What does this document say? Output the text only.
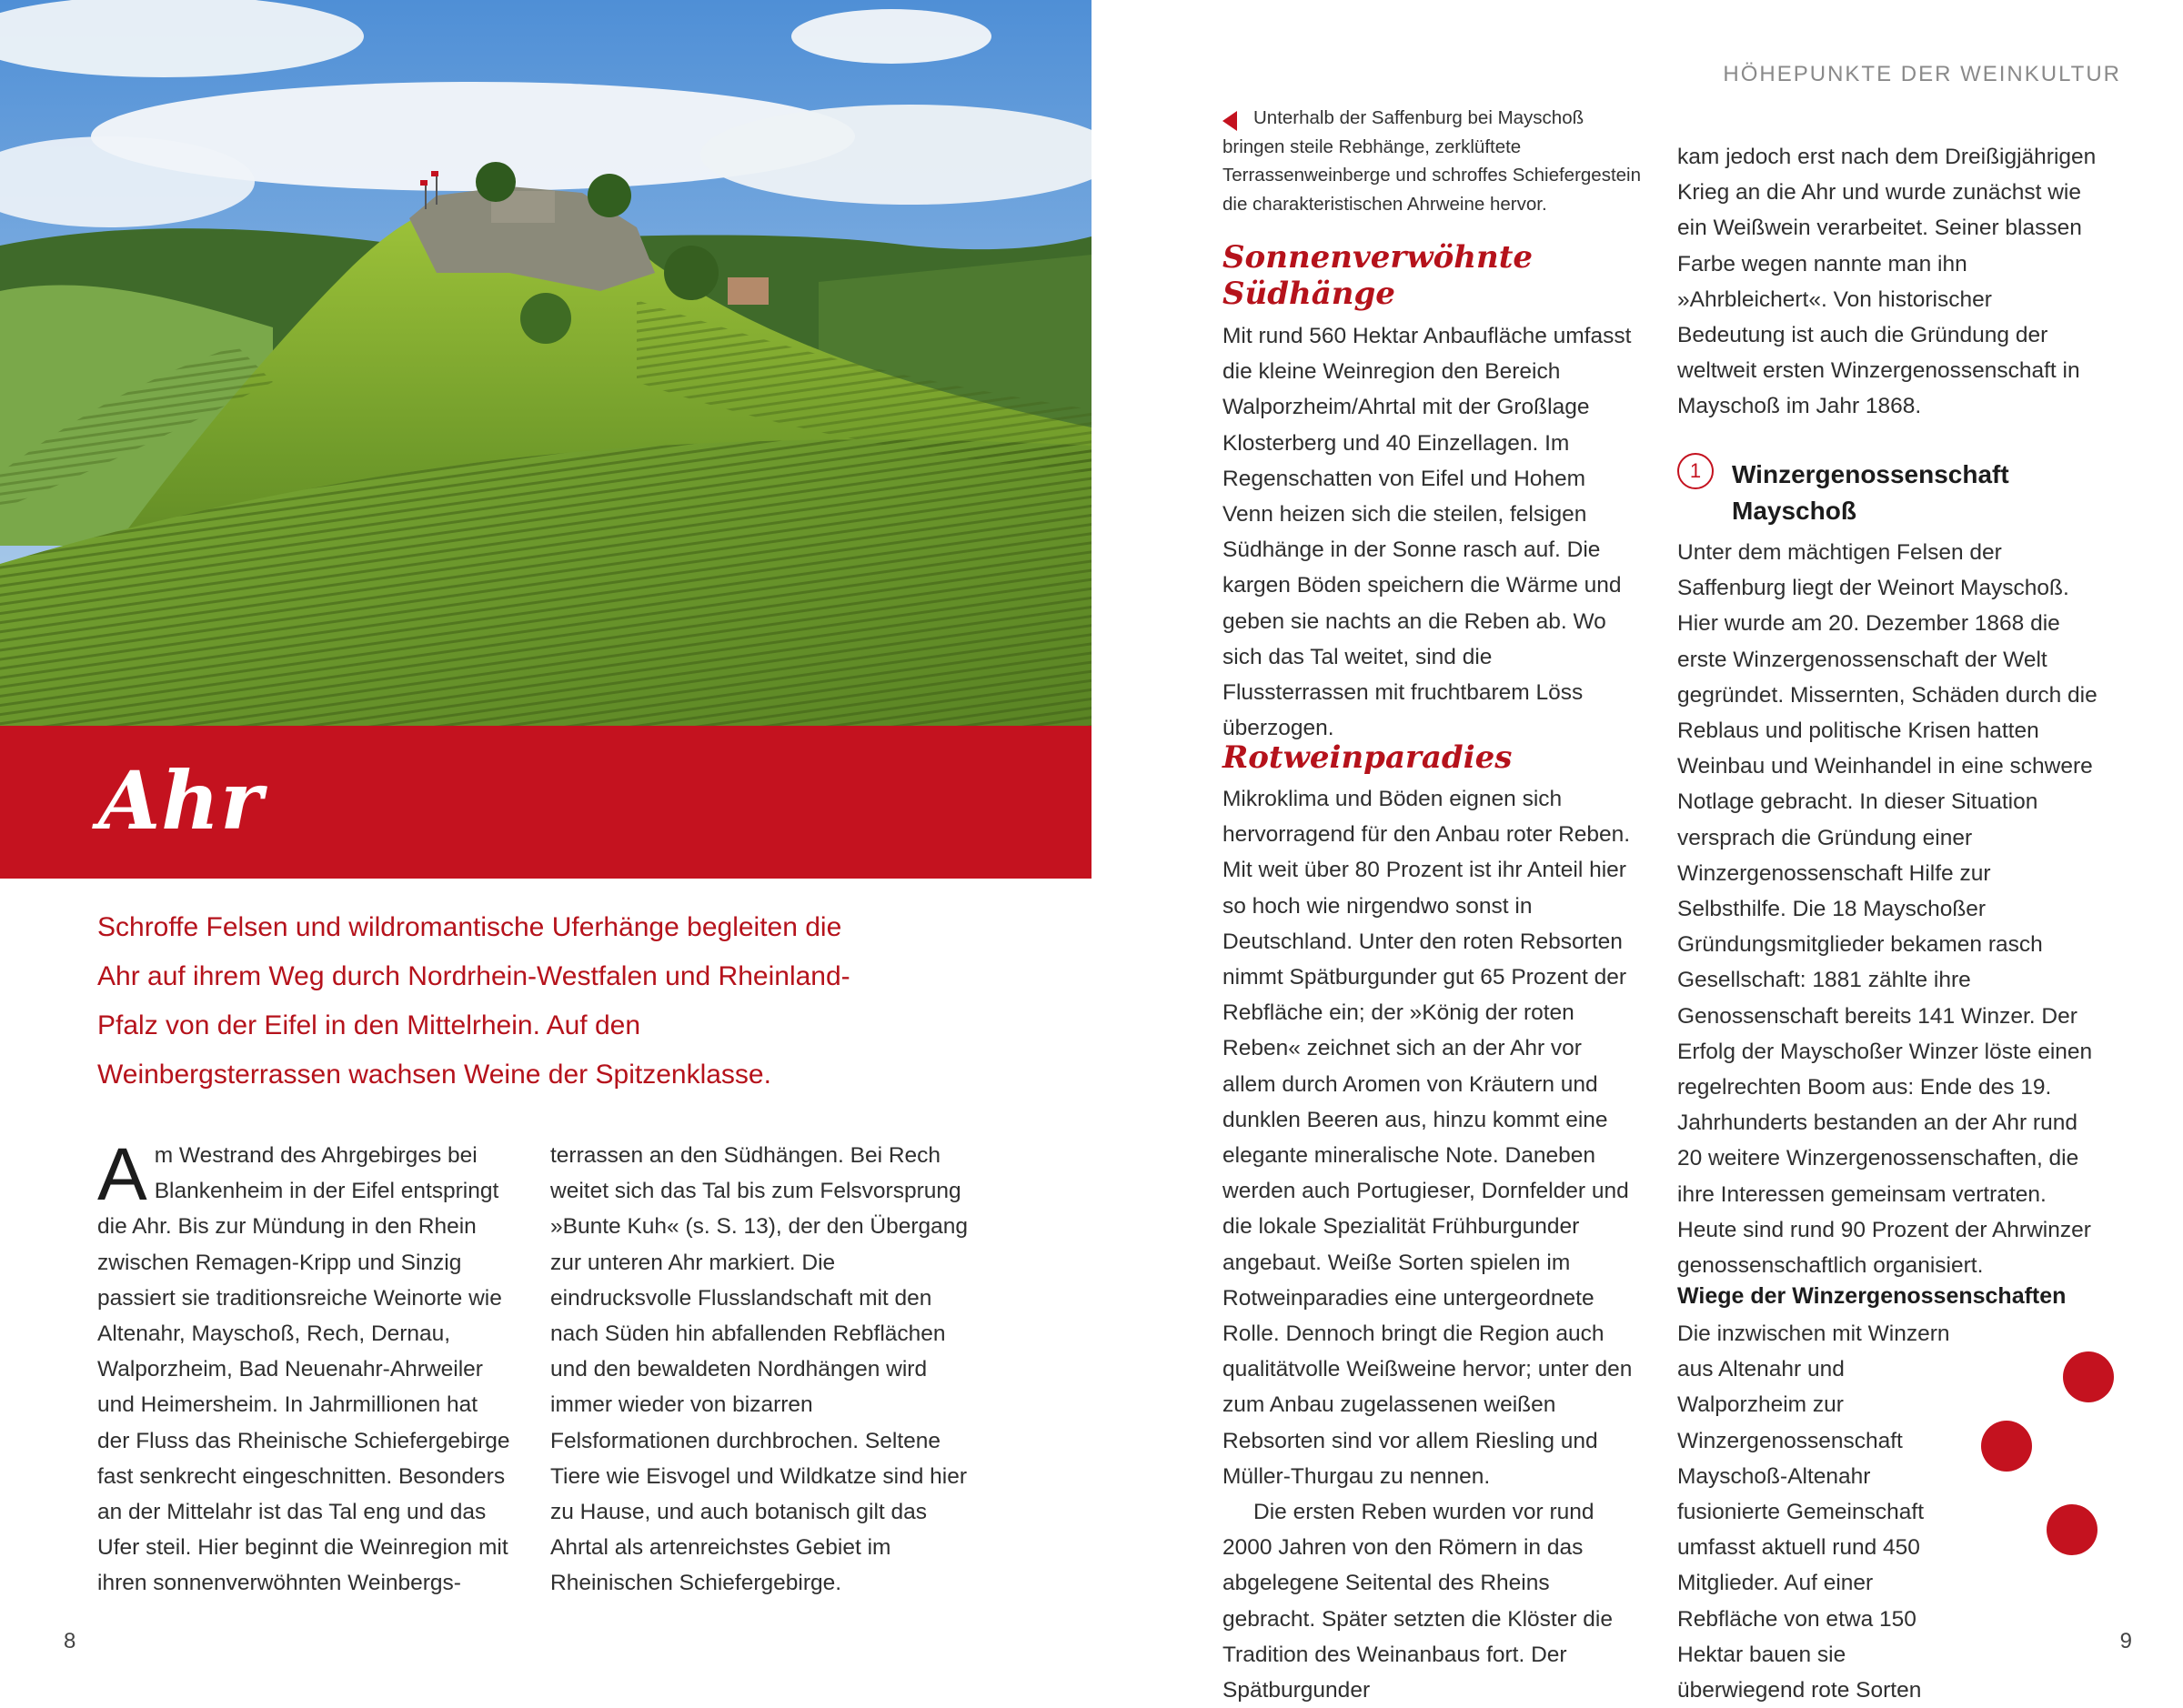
Ahr

Schroffe Felsen und wildromantische Uferhänge begleiten die Ahr auf ihrem Weg durch Nordrhein-Westfalen und Rheinland-Pfalz von der Eifel in den Mittelrhein. Auf den Weinbergsterrassen wachsen Weine der Spitzenklasse.

A m Westrand des Ahrgebirges bei Blankenheim in der Eifel entspringt die Ahr. Bis zur Mündung in den Rhein zwischen Remagen-Kripp und Sinzig passiert sie traditionsreiche Weinorte wie Altenahr, Mayschoß, Rech, Dernau, Walporzheim, Bad Neuenahr-Ahrweiler und Heimersheim. In Jahrmillionen hat der Fluss das Rheinische Schiefergebirge fast senkrecht eingeschnitten. Besonders an der Mittelahr ist das Tal eng und das Ufer steil. Hier beginnt die Weinregion mit ihren sonnenverwöhnten Weinbergs-

terrassen an den Südhängen. Bei Rech weitet sich das Tal bis zum Felsvorsprung »Bunte Kuh« (s. S. 13), der den Übergang zur unteren Ahr markiert. Die eindrucksvolle Flusslandschaft mit den nach Süden hin abfallenden Rebflächen und den bewaldeten Nordhängen wird immer wieder von bizarren Felsformationen durchbrochen. Seltene Tiere wie Eisvogel und Wildkatze sind hier zu Hause, und auch botanisch gilt das Ahrtal als artenreichstes Gebiet im Rheinischen Schiefergebirge.

8
HÖHEPUNKTE DER WEINKULTUR

Unterhalb der Saffenburg bei Mayschoß bringen steile Rebhänge, zerklüftete Terrassenweinberge und schroffes Schiefergestein die charakteristischen Ahrweine hervor.

Sonnenverwöhnte Südhänge

Mit rund 560 Hektar Anbaufläche umfasst die kleine Weinregion den Bereich Walporzheim/Ahrtal mit der Großlage Klosterberg und 40 Einzellagen. Im Regenschatten von Eifel und Hohem Venn heizen sich die steilen, felsigen Südhänge in der Sonne rasch auf. Die kargen Böden speichern die Wärme und geben sie nachts an die Reben ab. Wo sich das Tal weitet, sind die Flussterrassen mit fruchtbarem Löss überzogen.

Rotweinparadies

Mikroklima und Böden eignen sich hervorragend für den Anbau roter Reben. Mit weit über 80 Prozent ist ihr Anteil hier so hoch wie nirgendwo sonst in Deutschland. Unter den roten Rebsorten nimmt Spätburgunder gut 65 Prozent der Rebfläche ein; der »König der roten Reben« zeichnet sich an der Ahr vor allem durch Aromen von Kräutern und dunklen Beeren aus, hinzu kommt eine elegante mineralische Note. Daneben werden auch Portugieser, Dornfelder und die lokale Spezialität Frühburgunder angebaut. Weiße Sorten spielen im Rotweinparadies eine untergeordnete Rolle. Dennoch bringt die Region auch qualitätvolle Weißweine hervor; unter den zum Anbau zugelassenen weißen Rebsorten sind vor allem Riesling und Müller-Thurgau zu nennen.

Die ersten Reben wurden vor rund 2000 Jahren von den Römern in das abgelegene Seitental des Rheins gebracht. Später setzten die Klöster die Tradition des Weinanbaus fort. Der Spätburgunder

kam jedoch erst nach dem Dreißigjährigen Krieg an die Ahr und wurde zunächst wie ein Weißwein verarbeitet. Seiner blassen Farbe wegen nannte man ihn »Ahrbleichert«. Von historischer Bedeutung ist auch die Gründung der weltweit ersten Winzergenossenschaft in Mayschoß im Jahr 1868.

1	Winzergenossenschaft Mayschoß

Unter dem mächtigen Felsen der Saffenburg liegt der Weinort Mayschoß. Hier wurde am 20. Dezember 1868 die erste Winzergenossenschaft der Welt gegründet. Missernten, Schäden durch die Reblaus und politische Krisen hatten Weinbau und Weinhandel in eine schwere Notlage gebracht. In dieser Situation versprach die Gründung einer Winzergenossenschaft Hilfe zur Selbsthilfe. Die 18 Mayschoßer Gründungsmitglieder bekamen rasch Gesellschaft: 1881 zählte ihre Genossenschaft bereits 141 Winzer. Der Erfolg der Mayschoßer Winzer löste einen regelrechten Boom aus: Ende des 19. Jahrhunderts bestanden an der Ahr rund 20 weitere Winzergenossenschaften, die ihre Interessen gemeinsam vertraten. Heute sind rund 90 Prozent der Ahrwinzer genossenschaftlich organisiert.

Wiege der Winzergenossenschaften

Die inzwischen mit Winzern aus Altenahr und Walporzheim zur Winzergenossenschaft Mayschoß-Altenahr fusionierte Gemeinschaft umfasst aktuell rund 450 Mitglieder. Auf einer Rebfläche von etwa 150 Hektar bauen sie überwiegend rote Sorten

9
